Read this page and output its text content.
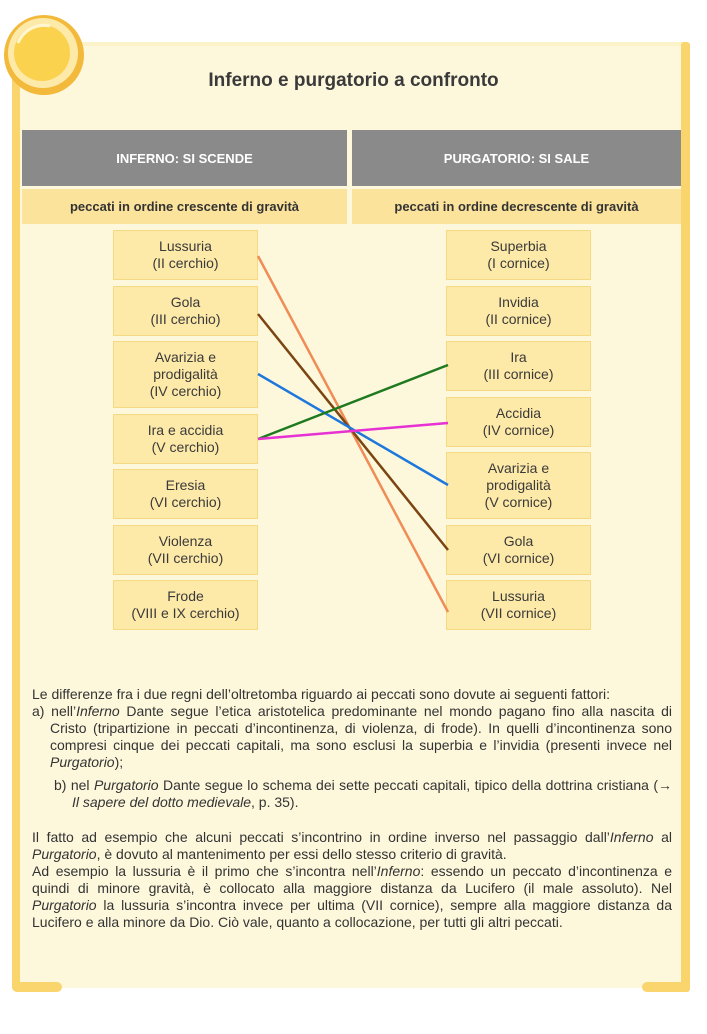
Inferno e purgatorio a confronto
INFERNO: SI SCENDE	PURGATORIO: SI SALE
peccati in ordine crescente di gravità	peccati in ordine decrescente di gravità
Lussuria
(II cerchio)
Gola
(III cerchio)
Avarizia e
prodigalità
(IV cerchio)
Ira e accidia
(V cerchio)
Eresia
(VI cerchio)
Violenza
(VII cerchio)
Frode
(VIII e IX cerchio)
Superbia
(I cornice)
Invidia
(II cornice)
Ira
(III cornice)
Accidia
(IV cornice)
Avarizia e
prodigalità
(V cornice)
Gola
(VI cornice)
Lussuria
(VII cornice)

Le differenze fra i due regni dell’oltretomba riguardo ai peccati sono dovute ai seguenti fattori:

a) nell’Inferno Dante segue l’etica aristotelica predominante nel mondo pagano fino alla nascita di Cristo (tripartizione in peccati d’incontinenza, di violenza, di frode). In quelli d’incontinenza sono compresi cinque dei peccati capitali, ma sono esclusi la superbia e l’invidia (presenti invece nel Purgatorio);

b) nel Purgatorio Dante segue lo schema dei sette peccati capitali, tipico della dottrina cristiana (→ Il sapere del dotto medievale, p. 35).

Il fatto ad esempio che alcuni peccati s’incontrino in ordine inverso nel passaggio dall’Inferno al Purgatorio, è dovuto al mantenimento per essi dello stesso criterio di gravità.

Ad esempio la lussuria è il primo che s’incontra nell’Inferno: essendo un peccato d’incontinenza e quindi di minore gravità, è collocato alla maggiore distanza da Lucifero (il male assoluto). Nel Purgatorio la lussuria s’incontra invece per ultima (VII cornice), sempre alla maggiore distanza da Lucifero e alla minore da Dio. Ciò vale, quanto a collocazione, per tutti gli altri peccati.
